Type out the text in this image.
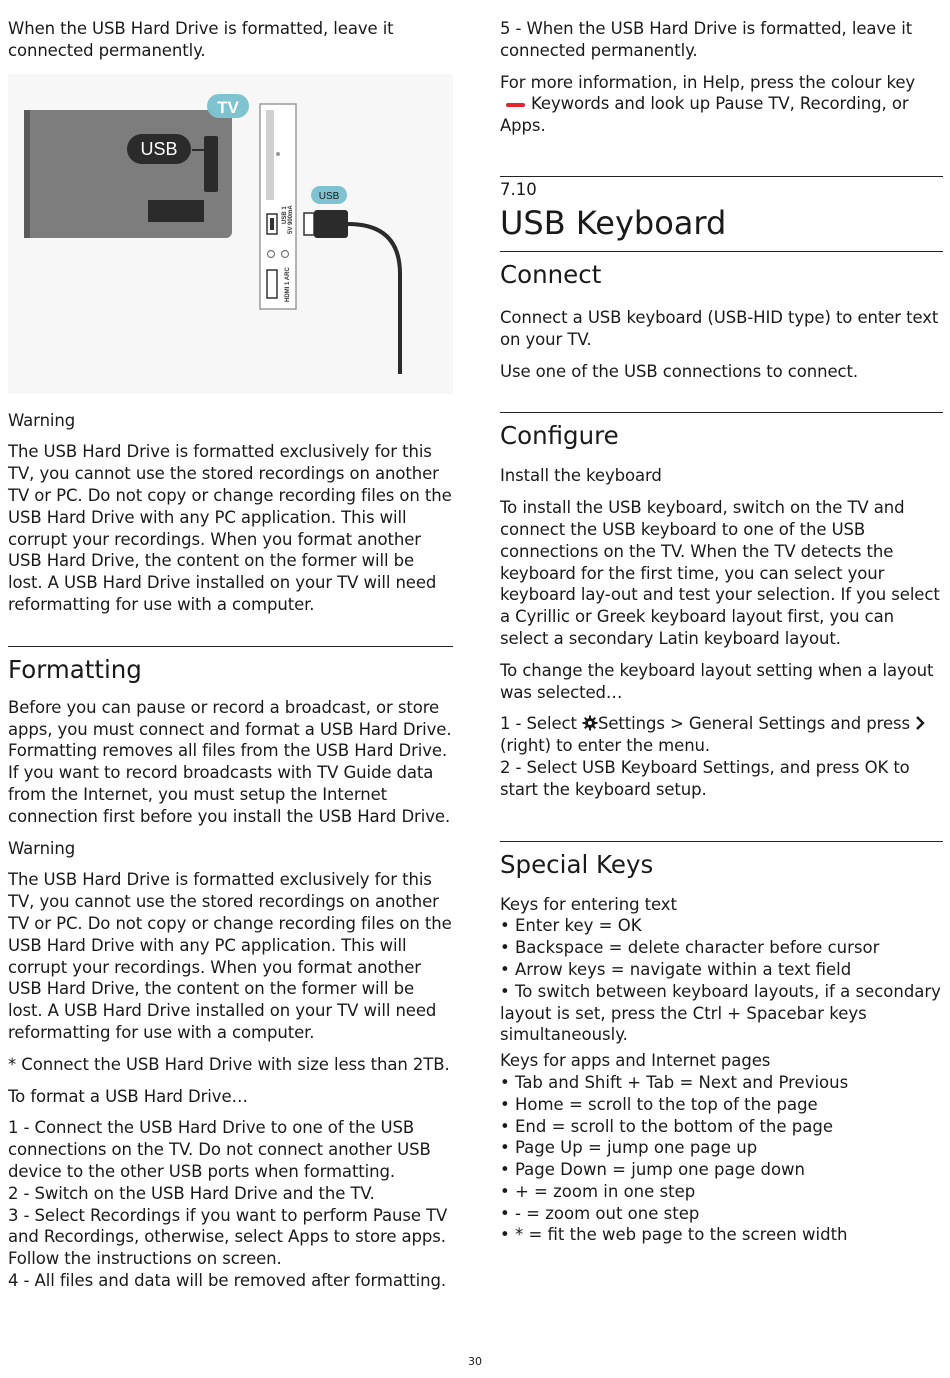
When the USB Hard Drive is formatted, leave it connected permanently.

USB
TV
USB 1 5V 900mA
HDMI 1 ARC
USB

Warning

The USB Hard Drive is formatted exclusively for this TV, you cannot use the stored recordings on another TV or PC. Do not copy or change recording files on the USB Hard Drive with any PC application. This will corrupt your recordings. When you format another USB Hard Drive, the content on the former will be lost. A USB Hard Drive installed on your TV will need reformatting for use with a computer.

Formatting

Before you can pause or record a broadcast, or store apps, you must connect and format a USB Hard Drive. Formatting removes all files from the USB Hard Drive. If you want to record broadcasts with TV Guide data from the Internet, you must setup the Internet connection first before you install the USB Hard Drive.

Warning

The USB Hard Drive is formatted exclusively for this TV, you cannot use the stored recordings on another TV or PC. Do not copy or change recording files on the USB Hard Drive with any PC application. This will corrupt your recordings. When you format another USB Hard Drive, the content on the former will be lost. A USB Hard Drive installed on your TV will need reformatting for use with a computer.

* Connect the USB Hard Drive with size less than 2TB.

To format a USB Hard Drive…

1 - Connect the USB Hard Drive to one of the USB connections on the TV. Do not connect another USB device to the other USB ports when formatting.

2 - Switch on the USB Hard Drive and the TV.

3 - Select Recordings if you want to perform Pause TV and Recordings, otherwise, select Apps to store apps. Follow the instructions on screen.

4 - All files and data will be removed after formatting.

5 - When the USB Hard Drive is formatted, leave it connected permanently.

For more information, in Help, press the colour key Keywords and look up Pause TV, Recording, or Apps.

7.10
USB Keyboard
Connect

Connect a USB keyboard (USB-HID type) to enter text on your TV.

Use one of the USB connections to connect.

Configure

Install the keyboard

To install the USB keyboard, switch on the TV and connect the USB keyboard to one of the USB connections on the TV. When the TV detects the keyboard for the first time, you can select your keyboard lay-out and test your selection. If you select a Cyrillic or Greek keyboard layout first, you can select a secondary Latin keyboard layout.

To change the keyboard layout setting when a layout was selected…

1 - Select Settings > General Settings and press  (right) to enter the menu.

2 - Select USB Keyboard Settings, and press OK to start the keyboard setup.

Special Keys

Keys for entering text

• Enter key = OK
• Backspace = delete character before cursor
• Arrow keys = navigate within a text field
• To switch between keyboard layouts, if a secondary layout is set, press the Ctrl + Spacebar keys simultaneously.

Keys for apps and Internet pages

• Tab and Shift + Tab = Next and Previous
• Home = scroll to the top of the page
• End = scroll to the bottom of the page
• Page Up = jump one page up
• Page Down = jump one page down
• + = zoom in one step
• - = zoom out one step
• * = fit the web page to the screen width
30
